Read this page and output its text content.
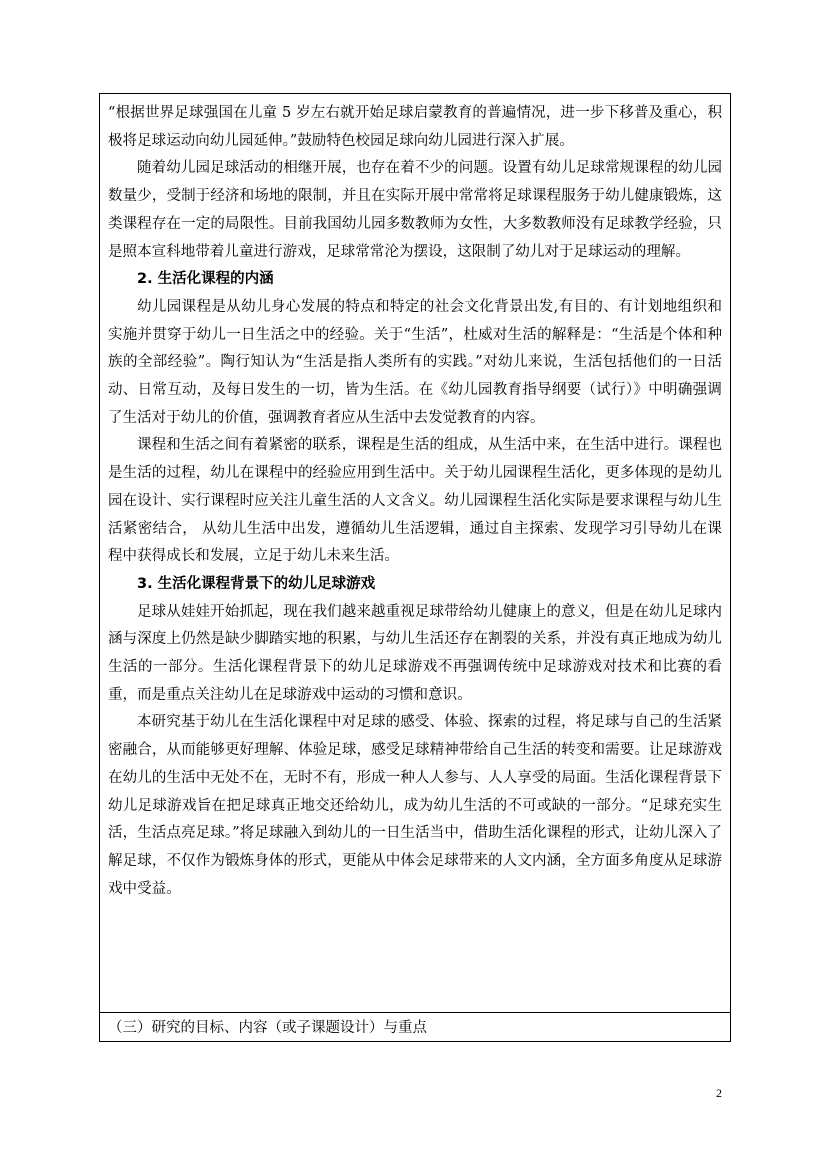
“根据世界足球强国在儿童 5 岁左右就开始足球启蒙教育的普遍情况，进一步下移普及重心，积极将足球运动向幼儿园延伸。”鼓励特色校园足球向幼儿园进行深入扩展。

随着幼儿园足球活动的相继开展，也存在着不少的问题。设置有幼儿足球常规课程的幼儿园数量少，受制于经济和场地的限制，并且在实际开展中常常将足球课程服务于幼儿健康锻炼，这类课程存在一定的局限性。目前我国幼儿园多数教师为女性，大多数教师没有足球教学经验，只是照本宣科地带着儿童进行游戏，足球常常沦为摆设，这限制了幼儿对于足球运动的理解。

2. 生活化课程的内涵

幼儿园课程是从幼儿身心发展的特点和特定的社会文化背景出发,有目的、有计划地组织和实施并贯穿于幼儿一日生活之中的经验。关于“生活”，杜威对生活的解释是：“生活是个体和种族的全部经验”。陶行知认为“生活是指人类所有的实践。”对幼儿来说，生活包括他们的一日活动、日常互动，及每日发生的一切，皆为生活。在《幼儿园教育指导纲要（试行）》中明确强调了生活对于幼儿的价值，强调教育者应从生活中去发觉教育的内容。

课程和生活之间有着紧密的联系，课程是生活的组成，从生活中来，在生活中进行。课程也是生活的过程，幼儿在课程中的经验应用到生活中。关于幼儿园课程生活化，更多体现的是幼儿园在设计、实行课程时应关注儿童生活的人文含义。幼儿园课程生活化实际是要求课程与幼儿生活紧密结合， 从幼儿生活中出发，遵循幼儿生活逻辑，通过自主探索、发现学习引导幼儿在课程中获得成长和发展，立足于幼儿未来生活。

3. 生活化课程背景下的幼儿足球游戏

足球从娃娃开始抓起，现在我们越来越重视足球带给幼儿健康上的意义，但是在幼儿足球内涵与深度上仍然是缺少脚踏实地的积累，与幼儿生活还存在割裂的关系，并没有真正地成为幼儿生活的一部分。生活化课程背景下的幼儿足球游戏不再强调传统中足球游戏对技术和比赛的看重，而是重点关注幼儿在足球游戏中运动的习惯和意识。

本研究基于幼儿在生活化课程中对足球的感受、体验、探索的过程，将足球与自己的生活紧密融合，从而能够更好理解、体验足球，感受足球精神带给自己生活的转变和需要。让足球游戏在幼儿的生活中无处不在，无时不有，形成一种人人参与、人人享受的局面。生活化课程背景下幼儿足球游戏旨在把足球真正地交还给幼儿，成为幼儿生活的不可或缺的一部分。“足球充实生活，生活点亮足球。”将足球融入到幼儿的一日生活当中，借助生活化课程的形式，让幼儿深入了解足球，不仅作为锻炼身体的形式，更能从中体会足球带来的人文内涵，全方面多角度从足球游戏中受益。

（三）研究的目标、内容（或子课题设计）与重点
2
